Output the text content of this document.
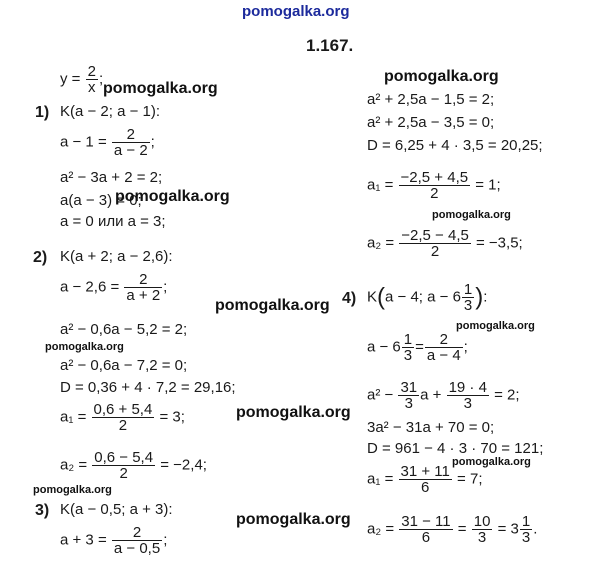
pomogalka.org
1.167.
$y = \frac{2}{x}$ ;
1) K(a − 2; a − 1):
$a - 1 = \frac{2}{a - 2}$ ;
a² − 3a + 2 = 2;
a(a − 3) = 0;
a = 0 или a = 3;
2) K(a + 2; a − 2,6):
$a - 2,6 = \frac{2}{a + 2}$ ;
a² − 0,6a − 5,2 = 2;
a² − 0,6a − 7,2 = 0;
D = 0,36 + 4 · 7,2 = 29,16;
$a_1 = \frac{0,6 + 5,4}{2} = 3$;
$a_2 = \frac{0,6 - 5,4}{2} = -2,4$;
3) K(a − 0,5; a + 3):
$a + 3 = \frac{2}{a - 0,5}$ ;
a² + 2,5a − 1,5 = 2;
a² + 2,5a − 3,5 = 0;
D = 6,25 + 4 · 3,5 = 20,25;
$a_1 = \frac{-2,5 + 4,5}{2} = 1$;
$a_2 = \frac{-2,5 - 4,5}{2} = -3,5$;
4) K(a − 4; $a - 6 \frac{1}{3}$ ):
$a - 6 \frac{1}{3} = \frac{2}{a - 4}$ ;
$a^2 - \frac{31}{3}$ $a + \frac{19 \cdot 4}{3} = 2$;
3a² − 31a + 70 = 0;
D = 961 − 4 · 3 · 70 = 121;
$a_1 = \frac{31 + 11}{6} = 7$;
$a_2 = \frac{31 - 11}{6} = \frac{10}{3} = 3 \frac{1}{3}$ .
pomogalka.org
pomogalka.org
pomogalka.org
pomogalka.org
pomogalka.org
pomogalka.org
pomogalka.org
pomogalka.org
pomogalka.org
pomogalka.org
pomogalka.org
